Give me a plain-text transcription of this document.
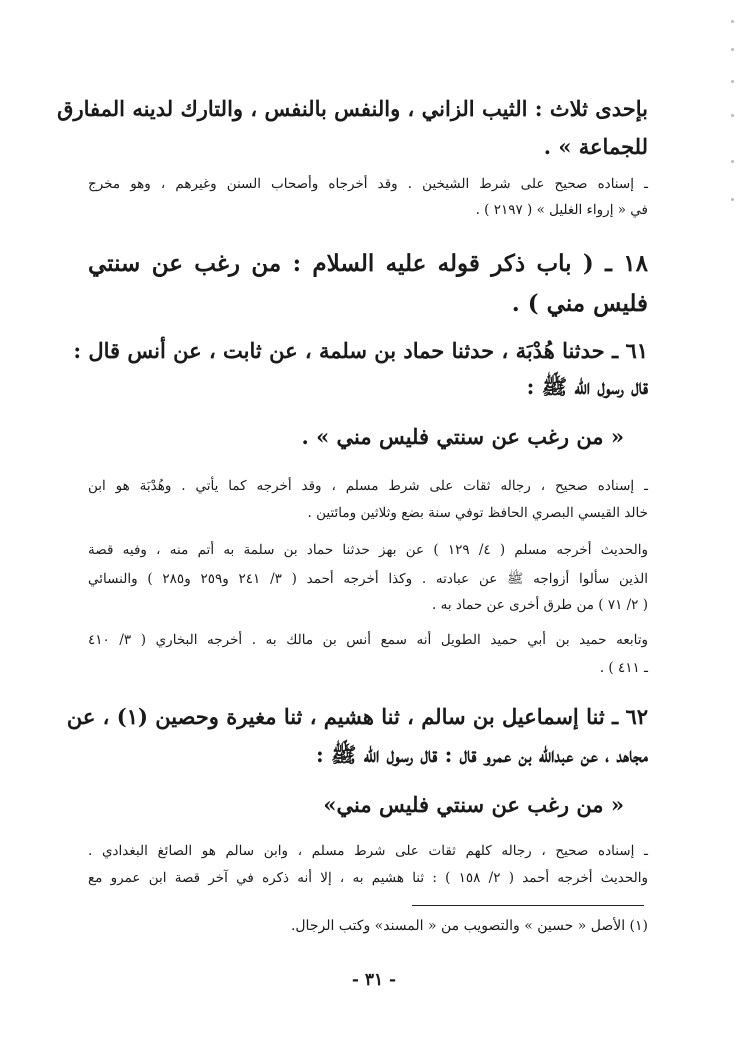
بإحدى ثلاث : الثيب الزاني ، والنفس بالنفس ، والتارك لدينه المفارق
للجماعة » .
ـ إسناده صحيح على شرط الشيخين . وقد أخرجاه وأصحاب السنن وغيرهم ، وهو مخرج
في « إرواء الغليل » ( ٢١٩٧ ) .
١٨ ـ ( باب ذكر قوله عليه السلام : من رغب عن سنتي
فليس مني ) .
٦١ ـ حدثنا هُدْبَة ، حدثنا حماد بن سلمة ، عن ثابت ، عن أنس قال :
قال رسول الله ﷺ :
« من رغب عن سنتي فليس مني » .
ـ إسناده صحيح ، رجاله ثقات على شرط مسلم ، وقد أخرجه كما يأتي . وهُدْبَة هو ابن
خالد القيسي البصري الحافظ توفي سنة بضع وثلاثين ومائتين .
والحديث أخرجه مسلم ( ٤/ ١٢٩ ) عن بهز حدثنا حماد بن سلمة به أتم منه ، وفيه قصة
الذين سألوا أزواجه ﷺ عن عبادته . وكذا أخرجه أحمد ( ٣/ ٢٤١ و٢٥٩ و٢٨٥ ) والنسائي
( ٢/ ٧١ ) من طرق أخرى عن حماد به .
وتابعه حميد بن أبي حميد الطويل أنه سمع أنس بن مالك به . أخرجه البخاري ( ٣/ ٤١٠
ـ ٤١١ ) .
٦٢ ـ ثنا إسماعيل بن سالم ، ثنا هشيم ، ثنا مغيرة وحصين (١) ، عن
مجاهد ، عن عبدالله بن عمرو قال : قال رسول الله ﷺ :
« من رغب عن سنتي فليس مني»
ـ إسناده صحيح ، رجاله كلهم ثقات على شرط مسلم ، وابن سالم هو الصائغ البغدادي .
والحديث أخرجه أحمد ( ٢/ ١٥٨ ) : ثنا هشيم به ، إلا أنه ذكره في آخر قصة ابن عمرو مع
(١) الأصل « حسين » والتصويب من « المسند» وكتب الرجال.
- ٣١ -
